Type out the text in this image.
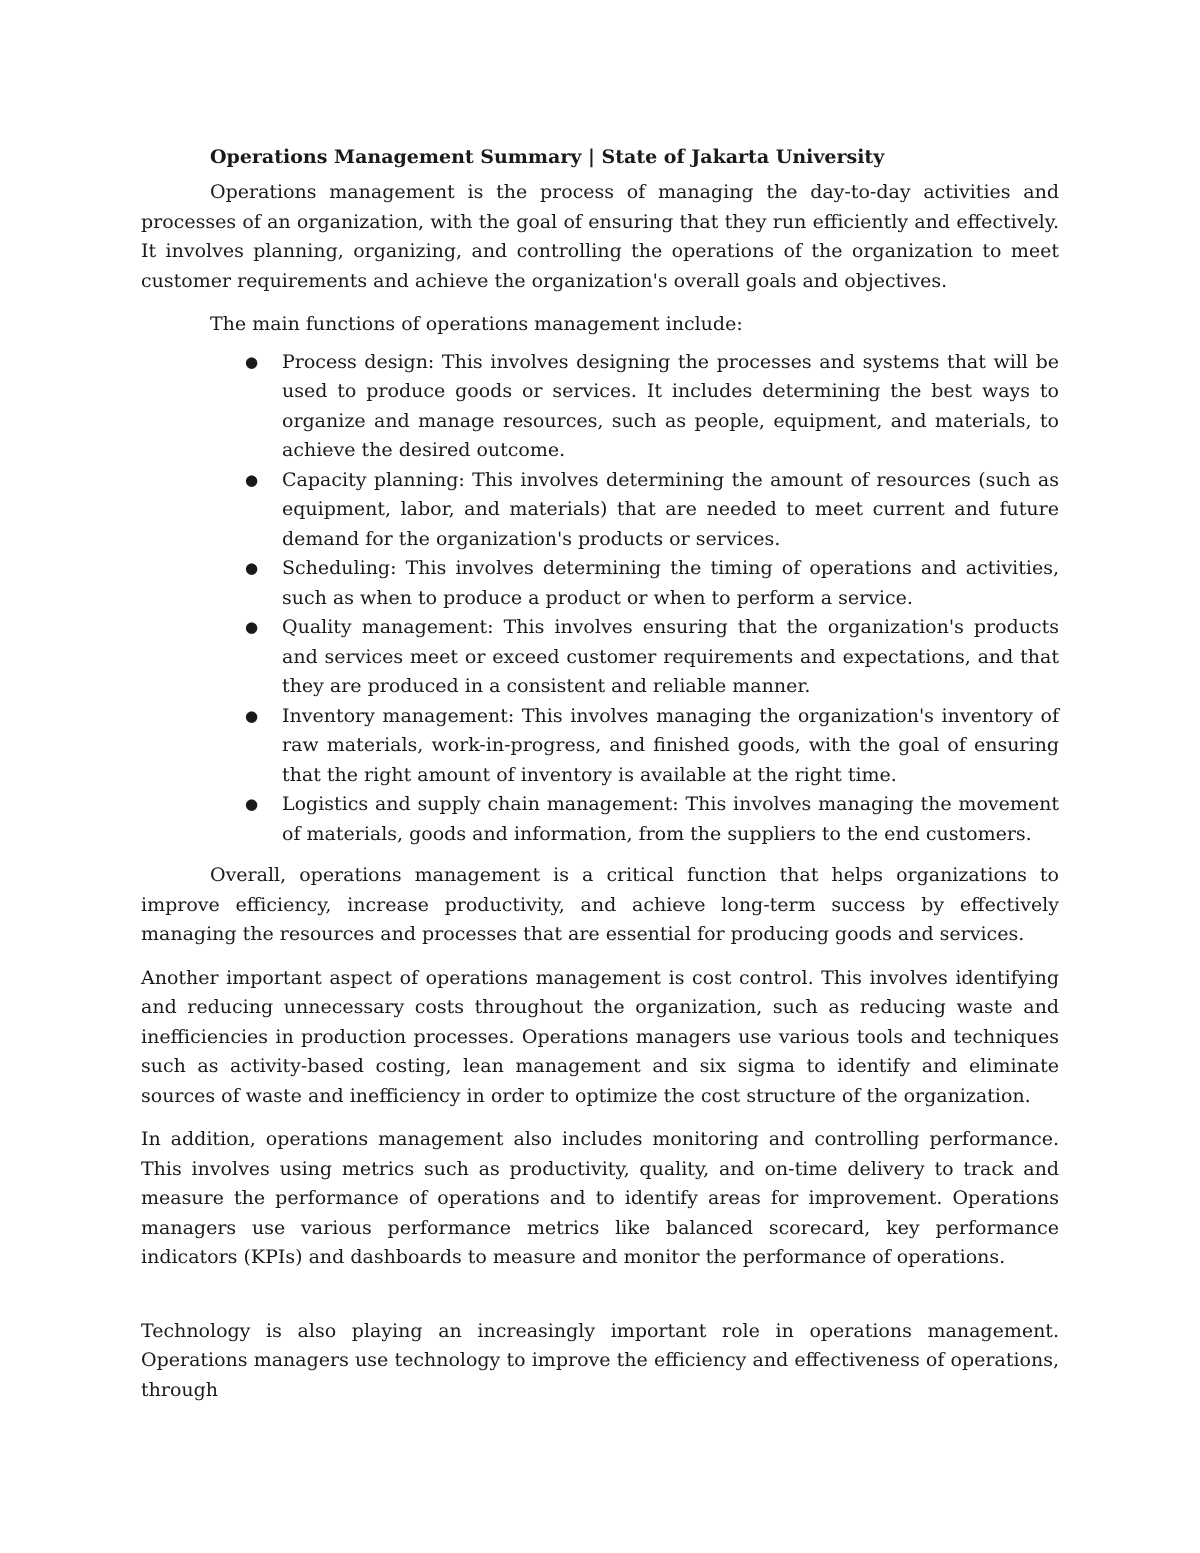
Operations Management Summary | State of Jakarta University

Operations management is the process of managing the day-to-day activities and processes of an organization, with the goal of ensuring that they run efficiently and effectively. It involves planning, organizing, and controlling the operations of the organization to meet customer requirements and achieve the organization's overall goals and objectives.

The main functions of operations management include:

● Process design: This involves designing the processes and systems that will be used to produce goods or services. It includes determining the best ways to organize and manage resources, such as people, equipment, and materials, to achieve the desired outcome.
● Capacity planning: This involves determining the amount of resources (such as equipment, labor, and materials) that are needed to meet current and future demand for the organization's products or services.
● Scheduling: This involves determining the timing of operations and activities, such as when to produce a product or when to perform a service.
● Quality management: This involves ensuring that the organization's products and services meet or exceed customer requirements and expectations, and that they are produced in a consistent and reliable manner.
● Inventory management: This involves managing the organization's inventory of raw materials, work-in-progress, and finished goods, with the goal of ensuring that the right amount of inventory is available at the right time.
● Logistics and supply chain management: This involves managing the movement of materials, goods and information, from the suppliers to the end customers.

Overall, operations management is a critical function that helps organizations to improve efficiency, increase productivity, and achieve long-term success by effectively managing the resources and processes that are essential for producing goods and services.

Another important aspect of operations management is cost control. This involves identifying and reducing unnecessary costs throughout the organization, such as reducing waste and inefficiencies in production processes. Operations managers use various tools and techniques such as activity-based costing, lean management and six sigma to identify and eliminate sources of waste and inefficiency in order to optimize the cost structure of the organization.

In addition, operations management also includes monitoring and controlling performance. This involves using metrics such as productivity, quality, and on-time delivery to track and measure the performance of operations and to identify areas for improvement. Operations managers use various performance metrics like balanced scorecard, key performance indicators (KPIs) and dashboards to measure and monitor the performance of operations.

Technology is also playing an increasingly important role in operations management. Operations managers use technology to improve the efficiency and effectiveness of operations, through
